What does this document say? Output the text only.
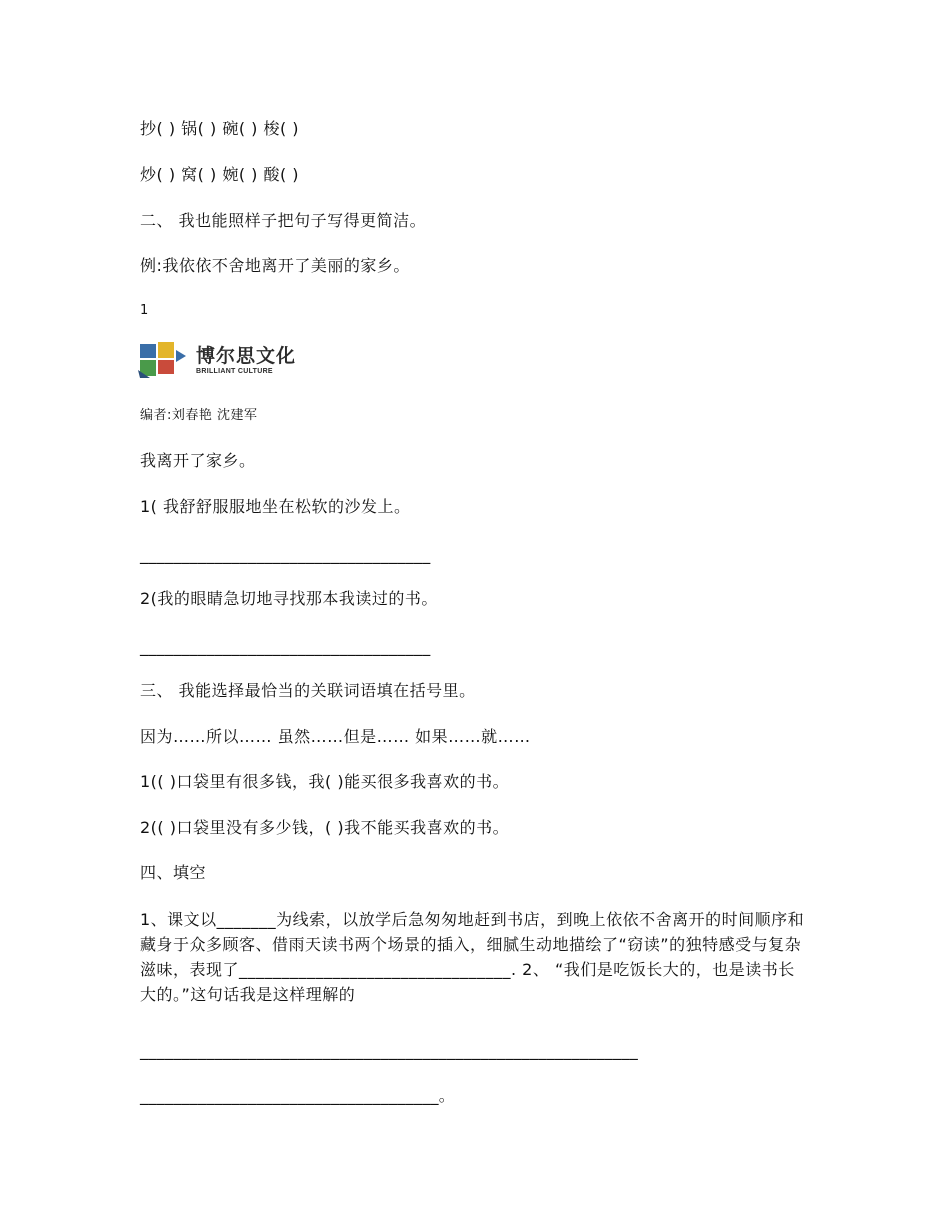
抄( ) 锅( ) 碗( ) 梭( )
炒( ) 窝( ) 婉( ) 酸( )
二、 我也能照样子把句子写得更简洁。
例:我依依不舍地离开了美丽的家乡。
1
博尔思文化
BRILLIANT CULTURE
编者:刘春艳 沈建军
我离开了家乡。
1( 我舒舒服服地坐在松软的沙发上。
___________________________________
2(我的眼睛急切地寻找那本我读过的书。
___________________________________
三、 我能选择最恰当的关联词语填在括号里。
因为……所以…… 虽然……但是…… 如果……就……
1(( )口袋里有很多钱，我( )能买很多我喜欢的书。
2(( )口袋里没有多少钱，( )我不能买我喜欢的书。
四、填空
1、课文以_______为线索，以放学后急匆匆地赶到书店，到晚上依依不舍离开的时间顺序和藏身于众多顾客、借雨天读书两个场景的插入，细腻生动地描绘了“窃读”的独特感受与复杂滋味，表现了________________________________. 2、 “我们是吃饭长大的，也是读书长大的。”这句话我是这样理解的
____________________________________________________________
____________________________________。
